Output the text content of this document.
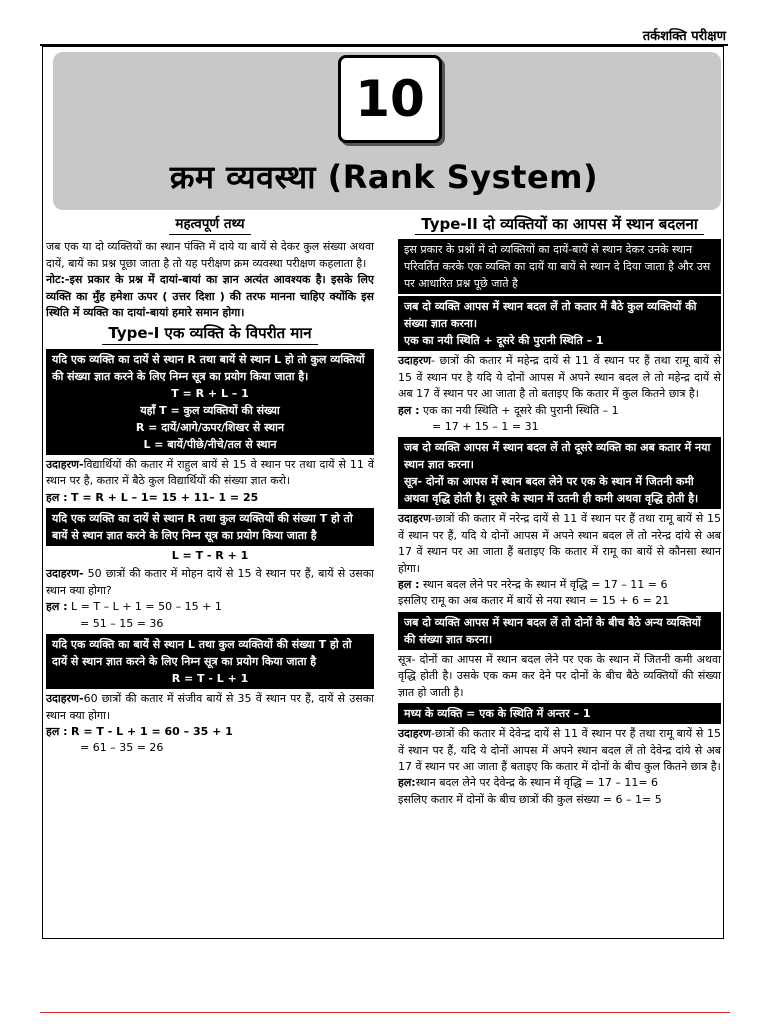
तर्कशक्ति परीक्षण
10
क्रम व्यवस्था (Rank System)
महत्वपूर्ण तथ्य

जब एक या दो व्यक्तियों का स्थान पंक्ति में दाये या बायें से देकर कुल संख्या अथवा दायें, बायें का प्रश्न पूछा जाता है तो यह परीक्षण क्रम व्यवस्था परीक्षण कहलाता है।

नोट:-इस प्रकार के प्रश्न में दायां-बायां का ज्ञान अत्यंत आवश्यक है। इसके लिए व्यक्ति का मुँह हमेशा ऊपर ( उत्तर दिशा ) की तरफ मानना चाहिए क्योंकि इस स्थिति में व्यक्ति का दायां-बायां हमारे समान होगा।

Type-I एक व्यक्ति के विपरीत मान
यदि एक व्यक्ति का दायें से स्थान R तथा बायें से स्थान L हो तो कुल व्यक्तियों की संख्या ज्ञात करने के लिए निम्न सूत्र का प्रयोग किया जाता है।
T = R + L – 1
यहाँ T = कुल व्यक्तियों की संख्या
R = दायें/आगे/ऊपर/शिखर से स्थान
L = बायें/पीछे/नीचे/तल से स्थान

उदाहरण-विद्यार्थियों की कतार में राहुल बायें से 15 वे स्थान पर तथा दायें से 11 वें स्थान पर है, कतार में बैठे कुल विद्यार्थियों की संख्या ज्ञात करो।

हल : T = R + L – 1= 15 + 11– 1 = 25

यदि एक व्यक्ति का दायें से स्थान R तथा कुल व्यक्तियों की संख्या T हो तो बायें से स्थान ज्ञात करने के लिए निम्न सूत्र का प्रयोग किया जाता है
L = T - R + 1

उदाहरण- 50 छात्रों की कतार में मोहन दायें से 15 वे स्थान पर हैं, बायें से उसका स्थान क्या होगा?

हल : L = T – L + 1 = 50 – 15 + 1

= 51 – 15 = 36

यदि एक व्यक्ति का बायें से स्थान L तथा कुल व्यक्तियों की संख्या T हो तो दायें से स्थान ज्ञात करने के लिए निम्न सूत्र का प्रयोग किया जाता है
R = T - L + 1

उदाहरण-60 छात्रों की कतार में संजीव बायें से 35 वें स्थान पर हैं, दायें से उसका स्थान क्या होगा।

हल : R = T - L + 1 = 60 – 35 + 1

= 61 – 35 = 26

Type-II दो व्यक्तियों का आपस में स्थान बदलना
इस प्रकार के प्रश्नों में दो व्यक्तियों का दायें-बायें से स्थान देकर उनके स्थान परिवर्तित करके एक व्यक्ति का दायें या बायें से स्थान दे दिया जाता है और उस पर आधारित प्रश्न पूछे जाते है
जब दो व्यक्ति आपस में स्थान बदल लें तो कतार में बैठे कुल व्यक्तियों की संख्या ज्ञात करना।
एक का नयी स्थिति + दूसरे की पुरानी स्थिति – 1

उदाहरण- छात्रों की कतार में महेन्द्र दायें से 11 वें स्थान पर हैं तथा रामू बायें से 15 वें स्थान पर है यदि ये दोनों आपस में अपने स्थान बदल ले तो महेन्द्र दायें से अब 17 वें स्थान पर आ जाता है तो बताइए कि कतार में कुल कितने छात्र है।

हल : एक का नयी स्थिति + दूसरे की पुरानी स्थिति – 1

= 17 + 15 – 1 = 31

जब दो व्यक्ति आपस में स्थान बदल लें तो दूसरे व्यक्ति का अब कतार में नया स्थान ज्ञात करना।
सूत्र- दोनों का आपस में स्थान बदल लेने पर एक के स्थान में जितनी कमी अथवा वृद्धि होती है। दूसरे के स्थान में उतनी ही कमी अथवा वृद्धि होती है।

उदाहरण-छात्रों की कतार में नरेन्द्र दायें से 11 वें स्थान पर हैं तथा रामू बायें से 15 वें स्थान पर हैं, यदि ये दोनों आपस में अपने स्थान बदल लें तो नरेन्द्र दांये से अब 17 वें स्थान पर आ जाता हैं बताइए कि कतार में रामू का बायें से कौनसा स्थान होगा।

हल : स्थान बदल लेने पर नरेन्द्र के स्थान में वृद्धि = 17 – 11 = 6

इसलिए रामू का अब कतार में बायें से नया स्थान = 15 + 6 = 21

जब दो व्यक्ति आपस में स्थान बदल लें तो दोनों के बीच बैठे अन्य व्यक्तियों की संख्या ज्ञात करना।

सूत्र- दोनों का आपस में स्थान बदल लेने पर एक के स्थान में जितनी कमी अथवा वृद्धि होती है। उसके एक कम कर देने पर दोनों के बीच बैठे व्यक्तियों की संख्या ज्ञात हो जाती है।

मध्य के व्यक्ति = एक के स्थिति में अन्तर – 1

उदाहरण-छात्रों की कतार में देवेन्द्र दायें से 11 वें स्थान पर हैं तथा रामू बायें से 15 वें स्थान पर हैं, यदि ये दोनों आपस में अपने स्थान बदल लें तो देवेन्द्र दांये से अब 17 वें स्थान पर आ जाता हैं बताइए कि कतार में दोनों के बीच कुल कितने छात्र है।

हल:स्थान बदल लेने पर देवेन्द्र के स्थान में वृद्धि = 17 – 11= 6

इसलिए कतार में दोनों के बीच छात्रों की कुल संख्या = 6 – 1= 5
